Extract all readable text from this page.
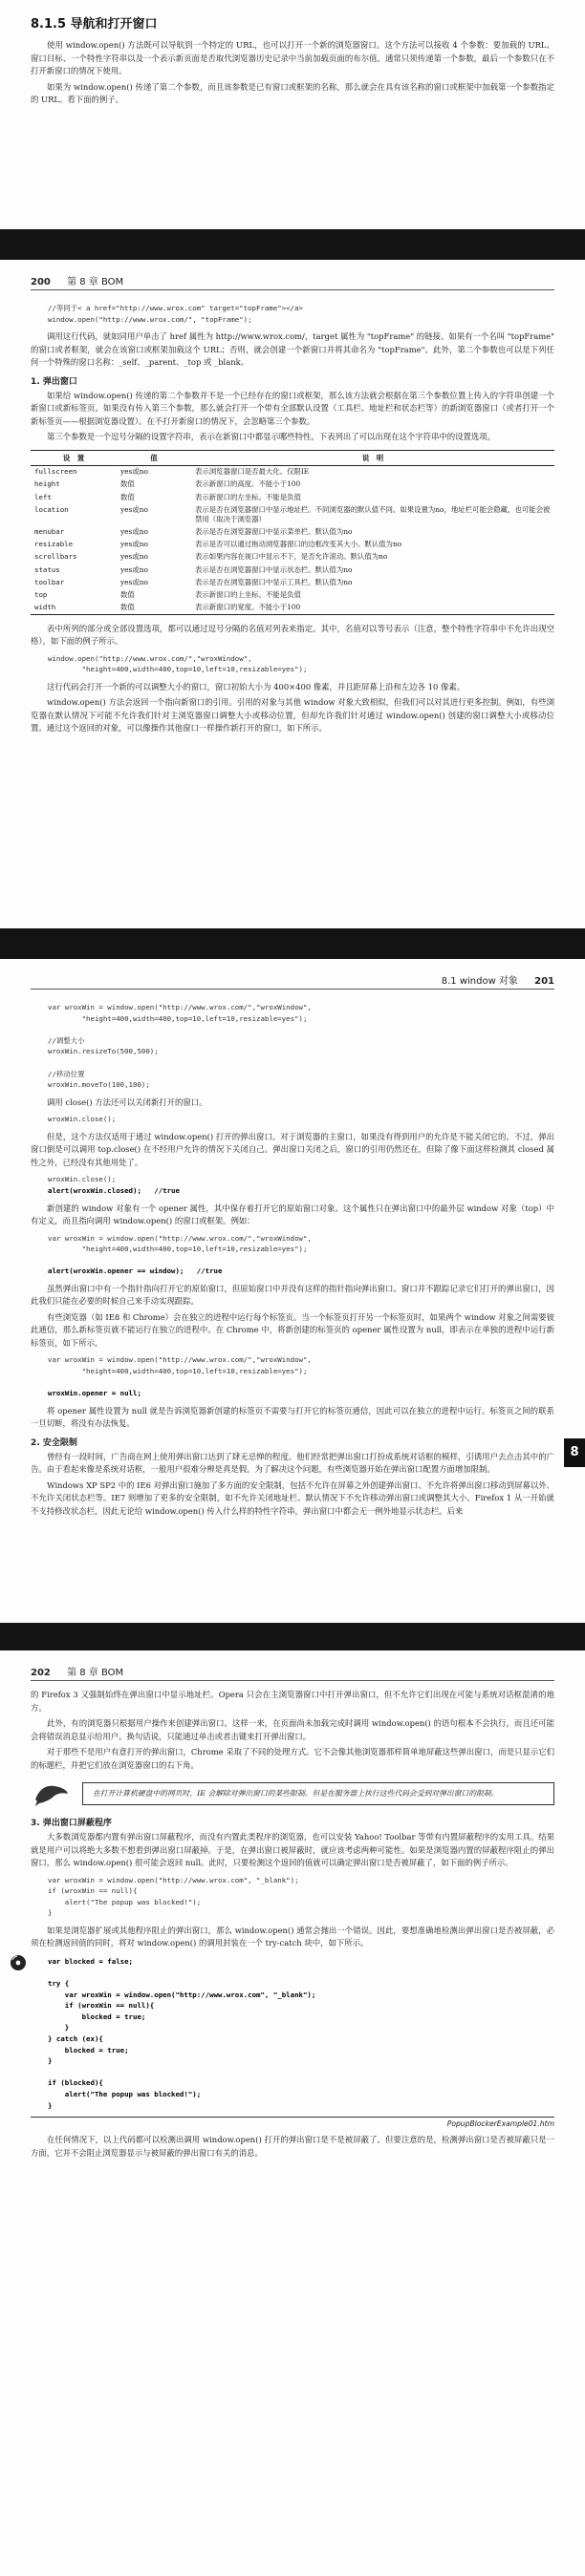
8.1.5 导航和打开窗口

使用 window.open() 方法既可以导航到一个特定的 URL，也可以打开一个新的浏览器窗口。这个方法可以接收 4 个参数：要加载的 URL、窗口目标、一个特性字符串以及一个表示新页面是否取代浏览器历史记录中当前加载页面的布尔值。通常只须传递第一个参数，最后一个参数只在不打开新窗口的情况下使用。

如果为 window.open() 传递了第二个参数，而且该参数是已有窗口或框架的名称，那么就会在具有该名称的窗口或框架中加载第一个参数指定的 URL。看下面的例子。

200 第 8 章 BOM
//等同于< a href="http://www.wrox.com" target="topFrame"></a>
window.open("http://www.wrox.com/", "topFrame");

调用这行代码，就如同用户单击了 href 属性为 http://www.wrox.com/，target 属性为 "topFrame" 的链接。如果有一个名叫 "topFrame" 的窗口或者框架，就会在该窗口或框架加载这个 URL；否则，就会创建一个新窗口并将其命名为 "topFrame"。此外，第二个参数也可以是下列任何一个特殊的窗口名称：_self、_parent、_top 或 _blank。

1. 弹出窗口

如果给 window.open() 传递的第二个参数并不是一个已经存在的窗口或框架，那么该方法就会根据在第三个参数位置上传入的字符串创建一个新窗口或新标签页。如果没有传入第三个参数，那么就会打开一个带有全部默认设置（工具栏、地址栏和状态栏等）的新浏览器窗口（或者打开一个新标签页——根据浏览器设置）。在不打开新窗口的情况下，会忽略第三个参数。

第三个参数是一个逗号分隔的设置字符串，表示在新窗口中都显示哪些特性。下表列出了可以出现在这个字符串中的设置选项。

设　置	值	说　明
fullscreen	yes或no	表示浏览器窗口是否最大化。仅限IE
height	数值	表示新窗口的高度。不能小于100
left	数值	表示新窗口的左坐标。不能是负值
location	yes或no	表示是否在浏览器窗口中显示地址栏。不同浏览器的默认值不同。如果设置为no，地址栏可能会隐藏，也可能会被禁用（取决于浏览器）
menubar	yes或no	表示是否在浏览器窗口中显示菜单栏。默认值为no
resizable	yes或no	表示是否可以通过拖动浏览器窗口的边框改变其大小。默认值为no
scrollbars	yes或no	表示如果内容在视口中显示不下，是否允许滚动。默认值为no
status	yes或no	表示是否在浏览器窗口中显示状态栏。默认值为no
toolbar	yes或no	表示是否在浏览器窗口中显示工具栏。默认值为no
top	数值	表示新窗口的上坐标。不能是负值
width	数值	表示新窗口的宽度。不能小于100

表中所列的部分或全部设置选项，都可以通过逗号分隔的名值对列表来指定。其中，名值对以等号表示（注意，整个特性字符串中不允许出现空格），如下面的例子所示。

window.open("http://www.wrox.com/","wroxWindow",
"height=400,width=400,top=10,left=10,resizable=yes");

这行代码会打开一个新的可以调整大小的窗口，窗口初始大小为 400×400 像素，并且距屏幕上沿和左边各 10 像素。

window.open() 方法会返回一个指向新窗口的引用。引用的对象与其他 window 对象大致相似，但我们可以对其进行更多控制。例如，有些浏览器在默认情况下可能不允许我们针对主浏览器窗口调整大小或移动位置，但却允许我们针对通过 window.open() 创建的窗口调整大小或移动位置。通过这个返回的对象，可以像操作其他窗口一样操作新打开的窗口，如下所示。

8.1 window 对象 201
var wroxWin = window.open("http://www.wrox.com/","wroxWindow",
"height=400,width=400,top=10,left=10,resizable=yes");

//调整大小
wroxWin.resizeTo(500,500);

//移动位置
wroxWin.moveTo(100,100);

调用 close() 方法还可以关闭新打开的窗口。

wroxWin.close();

但是，这个方法仅适用于通过 window.open() 打开的弹出窗口。对于浏览器的主窗口，如果没有得到用户的允许是不能关闭它的。不过，弹出窗口倒是可以调用 top.close() 在不经用户允许的情况下关闭自己。弹出窗口关闭之后，窗口的引用仍然还在，但除了像下面这样检测其 closed 属性之外，已经没有其他用处了。

wroxWin.close();
alert(wroxWin.closed);   //true

新创建的 window 对象有一个 opener 属性，其中保存着打开它的原始窗口对象。这个属性只在弹出窗口中的最外层 window 对象（top）中有定义，而且指向调用 window.open() 的窗口或框架。例如：

var wroxWin = window.open("http://www.wrox.com/","wroxWindow",
"height=400,width=400,top=10,left=10,resizable=yes");

alert(wroxWin.opener == window);   //true

虽然弹出窗口中有一个指针指向打开它的原始窗口，但原始窗口中并没有这样的指针指向弹出窗口。窗口并不跟踪记录它们打开的弹出窗口，因此我们只能在必要的时候自己来手动实现跟踪。

有些浏览器（如 IE8 和 Chrome）会在独立的进程中运行每个标签页。当一个标签页打开另一个标签页时，如果两个 window 对象之间需要彼此通信，那么新标签页就不能运行在独立的进程中。在 Chrome 中，将新创建的标签页的 opener 属性设置为 null，即表示在单独的进程中运行新标签页，如下所示。

var wroxWin = window.open("http://www.wrox.com/","wroxWindow",
"height=400,width=400,top=10,left=10,resizable=yes");

wroxWin.opener = null;

将 opener 属性设置为 null 就是告诉浏览器新创建的标签页不需要与打开它的标签页通信，因此可以在独立的进程中运行。标签页之间的联系一旦切断，将没有办法恢复。

2. 安全限制

曾经有一段时间，广告商在网上使用弹出窗口达到了肆无忌惮的程度。他们经常把弹出窗口打扮成系统对话框的模样，引诱用户去点击其中的广告。由于看起来像是系统对话框，一般用户很难分辨是真是假。为了解决这个问题，有些浏览器开始在弹出窗口配置方面增加限制。

Windows XP SP2 中的 IE6 对弹出窗口施加了多方面的安全限制，包括不允许在屏幕之外创建弹出窗口、不允许将弹出窗口移动到屏幕以外、不允许关闭状态栏等。IE7 则增加了更多的安全限制，如不允许关闭地址栏、默认情况下不允许移动弹出窗口或调整其大小。Firefox 1 从一开始就不支持修改状态栏，因此无论给 window.open() 传入什么样的特性字符串，弹出窗口中都会无一例外地显示状态栏。后来

8
202 第 8 章 BOM

的 Firefox 3 又强制始终在弹出窗口中显示地址栏。Opera 只会在主浏览器窗口中打开弹出窗口，但不允许它们出现在可能与系统对话框混淆的地方。

此外，有的浏览器只根据用户操作来创建弹出窗口。这样一来，在页面尚未加载完成时调用 window.open() 的语句根本不会执行，而且还可能会将错误消息显示给用户。换句话说，只能通过单击或者击键来打开弹出窗口。

对于那些不是用户有意打开的弹出窗口，Chrome 采取了不同的处理方式。它不会像其他浏览器那样简单地屏蔽这些弹出窗口，而是只显示它们的标题栏，并把它们放在浏览器窗口的右下角。

在打开计算机硬盘中的网页时，IE 会解除对弹出窗口的某些限制。但是在服务器上执行这些代码会受到对弹出窗口的限制。
3. 弹出窗口屏蔽程序

大多数浏览器都内置有弹出窗口屏蔽程序，而没有内置此类程序的浏览器，也可以安装 Yahoo! Toolbar 等带有内置屏蔽程序的实用工具。结果就是用户可以将绝大多数不想看到弹出窗口屏蔽掉。于是，在弹出窗口被屏蔽时，就应该考虑两种可能性。如果是浏览器内置的屏蔽程序阻止的弹出窗口，那么 window.open() 很可能会返回 null。此时，只要检测这个返回的值就可以确定弹出窗口是否被屏蔽了，如下面的例子所示。

var wroxWin = window.open("http://www.wrox.com", "_blank");
if (wroxWin == null){
alert("The popup was blocked!");
}

如果是浏览器扩展或其他程序阻止的弹出窗口，那么 window.open() 通常会抛出一个错误。因此，要想准确地检测出弹出窗口是否被屏蔽，必须在检测返回值的同时，将对 window.open() 的调用封装在一个 try-catch 块中，如下所示。

var blocked = false;

try {
var wroxWin = window.open("http://www.wrox.com", "_blank");
if (wroxWin == null){
blocked = true;
}
} catch (ex){
blocked = true;
}

if (blocked){
alert("The popup was blocked!");
}
PopupBlockerExample01.htm

在任何情况下，以上代码都可以检测出调用 window.open() 打开的弹出窗口是不是被屏蔽了。但要注意的是，检测弹出窗口是否被屏蔽只是一方面，它并不会阻止浏览器显示与被屏蔽的弹出窗口有关的消息。
